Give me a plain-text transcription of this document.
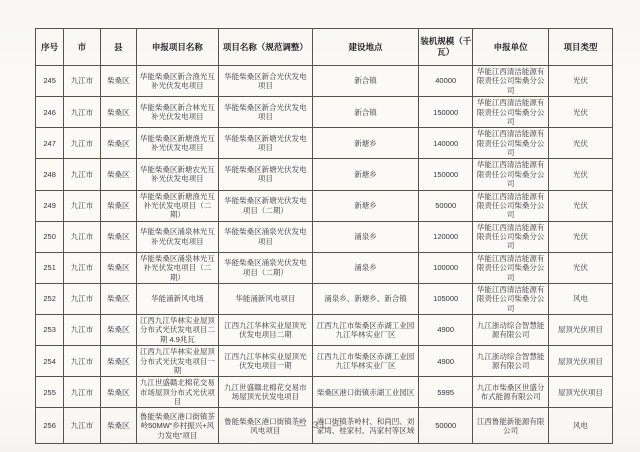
序号	市	县	申报项目名称	项目名称（规范调整）	建设地点	装机规模（千瓦）	申报单位	项目类型
245	九江市	柴桑区	华能柴桑区新合渔光互补光伏发电项目	华能柴桑区新合光伏发电项目	新合镇	40000	华能江西清洁能源有限责任公司柴桑分公司	光伏
246	九江市	柴桑区	华能柴桑区新合林光互补光伏发电项目	华能柴桑区新合光伏发电项目	新合镇	150000	华能江西清洁能源有限责任公司柴桑分公司	光伏
247	九江市	柴桑区	华能柴桑区新塘渔光互补光伏发电项目	华能柴桑区新塘光伏发电项目	新塘乡	140000	华能江西清洁能源有限责任公司柴桑分公司	光伏
248	九江市	柴桑区	华能柴桑区新塘农光互补光伏发电项目	华能柴桑区新塘光伏发电项目	新塘乡	150000	华能江西清洁能源有限责任公司柴桑分公司	光伏
249	九江市	柴桑区	华能柴桑区新塘渔光互补光伏发电项目（二期）	华能柴桑区新塘光伏发电项目（二期）	新塘乡	50000	华能江西清洁能源有限责任公司柴桑分公司	光伏
250	九江市	柴桑区	华能柴桑区涌泉林光互补光伏发电项目	华能柴桑区涌泉光伏发电项目	涌泉乡	120000	华能江西清洁能源有限责任公司柴桑分公司	光伏
251	九江市	柴桑区	华能柴桑区涌泉林光互补光伏发电项目（二期）	华能柴桑区涌泉光伏发电项目（二期）	涌泉乡	100000	华能江西清洁能源有限责任公司柴桑分公司	光伏
252	九江市	柴桑区	华能涌新风电场	华能涌新风电项目	涌泉乡、新塘乡、新合镇	105000	华能江西清洁能源有限责任公司柴桑分公司	风电
253	九江市	柴桑区	江西九江华林实业屋顶分布式光伏发电项目二期 4.9兆瓦	江西九江华林实业屋顶光伏发电项目二期	江西九江市柴桑区赤湖工业园九江华林实业厂区	4900	九江浙动综合智慧能源有限公司	屋顶光伏项目
254	九江市	柴桑区	江西九江华林实业屋顶分布式光伏发电项目一期	江西九江华林实业屋顶光伏发电项目一期	江西九江市柴桑区赤湖工业园九江华林实业厂区	4900	九江浙动综合智慧能源有限公司	屋顶光伏项目
255	九江市	柴桑区	九江世盛赣北棉花交易市场屋顶分布式光伏项目	九江世盛赣北棉花交易市场屋顶光伏发电项目	柴桑区港口街镇赤湖工业园区	5995	九江市柴桑区世盛分布式能源有限公司	屋顶光伏项目
256	九江市	柴桑区	鲁能柴桑区港口街镇茶岭50MW“乡村振兴+风力发电”项目	鲁能柴桑区港口街镇茶岭风电项目	港口街镇茶岭村、和尚凹、刘家塆、桂家村、冯家村等区域	50000	江西鲁能新能源有限公司	风电
— 31 —
